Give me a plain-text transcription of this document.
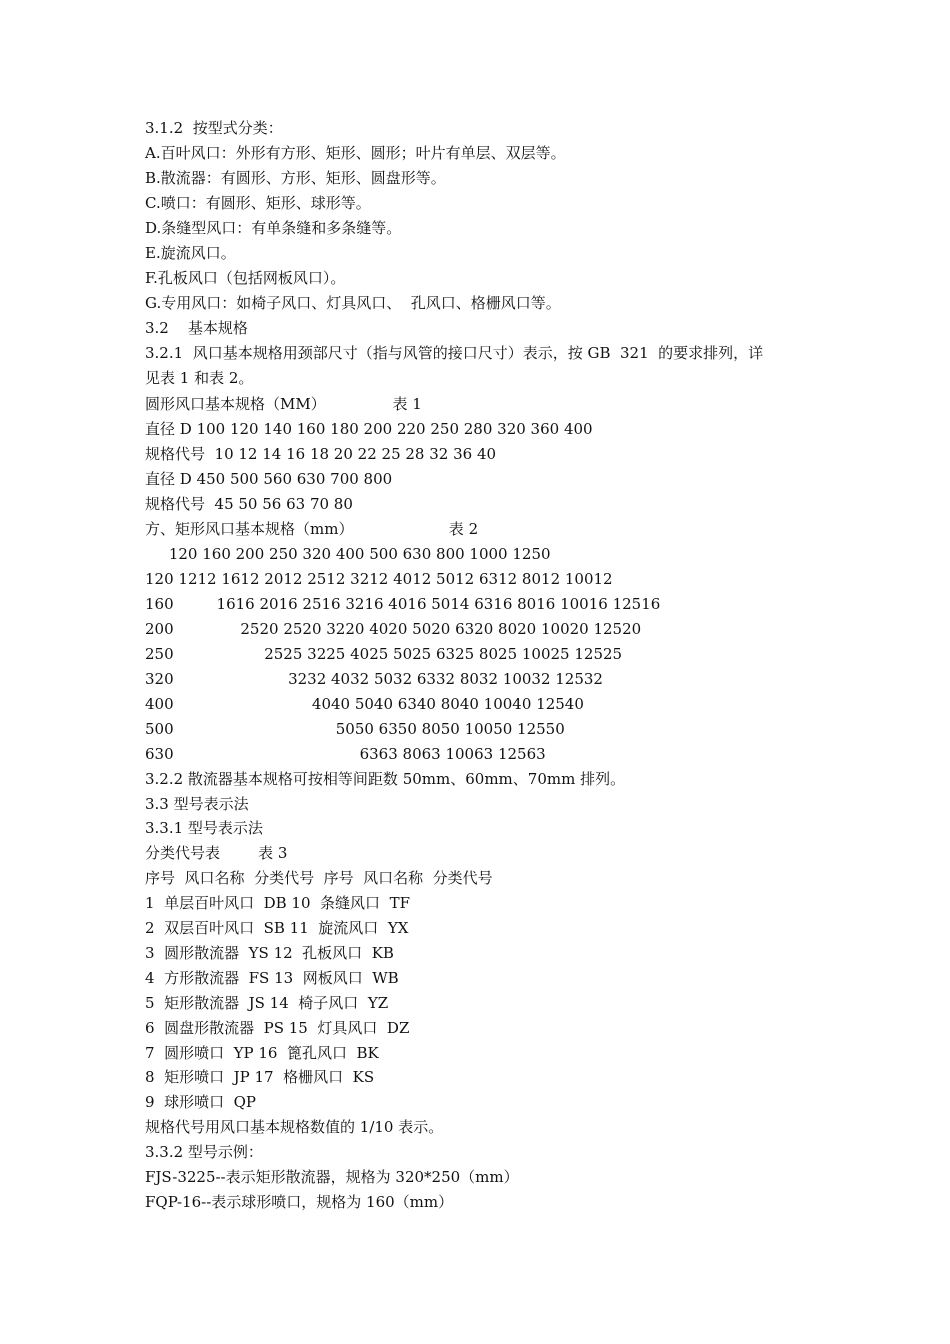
3.1.2  按型式分类：
A.百叶风口：外形有方形、矩形、圆形；叶片有单层、双层等。
B.散流器：有圆形、方形、矩形、圆盘形等。
C.喷口：有圆形、矩形、球形等。
D.条缝型风口：有单条缝和多条缝等。
E.旋流风口。
F.孔板风口（包括网板风口）。
G.专用风口：如椅子风口、灯具风口、  孔风口、格栅风口等。
3.2    基本规格
3.2.1  风口基本规格用颈部尺寸（指与风管的接口尺寸）表示，按 GB  321  的要求排列，详
见表 1 和表 2。
圆形风口基本规格（MM）              表 1
直径 D 100 120 140 160 180 200 220 250 280 320 360 400
规格代号  10 12 14 16 18 20 22 25 28 32 36 40
直径 D 450 500 560 630 700 800
规格代号  45 50 56 63 70 80
方、矩形风口基本规格（mm）                    表 2
120 160 200 250 320 400 500 630 800 1000 1250
120 1212 1612 2012 2512 3212 4012 5012 6312 8012 10012
160         1616 2016 2516 3216 4016 5014 6316 8016 10016 12516
200              2520 2520 3220 4020 5020 6320 8020 10020 12520
250                   2525 3225 4025 5025 6325 8025 10025 12525
320                        3232 4032 5032 6332 8032 10032 12532
400                             4040 5040 6340 8040 10040 12540
500                                  5050 6350 8050 10050 12550
630                                       6363 8063 10063 12563
3.2.2 散流器基本规格可按相等间距数 50mm、60mm、70mm 排列。
3.3 型号表示法
3.3.1 型号表示法
分类代号表        表 3
序号  风口名称  分类代号  序号  风口名称  分类代号
1  单层百叶风口  DB 10  条缝风口  TF
2  双层百叶风口  SB 11  旋流风口  YX
3  圆形散流器  YS 12  孔板风口  KB
4  方形散流器  FS 13  网板风口  WB
5  矩形散流器  JS 14  椅子风口  YZ
6  圆盘形散流器  PS 15  灯具风口  DZ
7  圆形喷口  YP 16  篦孔风口  BK
8  矩形喷口  JP 17  格栅风口  KS
9  球形喷口  QP
规格代号用风口基本规格数值的 1/10 表示。
3.3.2 型号示例：
FJS-3225--表示矩形散流器，规格为 320*250（mm）
FQP-16--表示球形喷口，规格为 160（mm）
